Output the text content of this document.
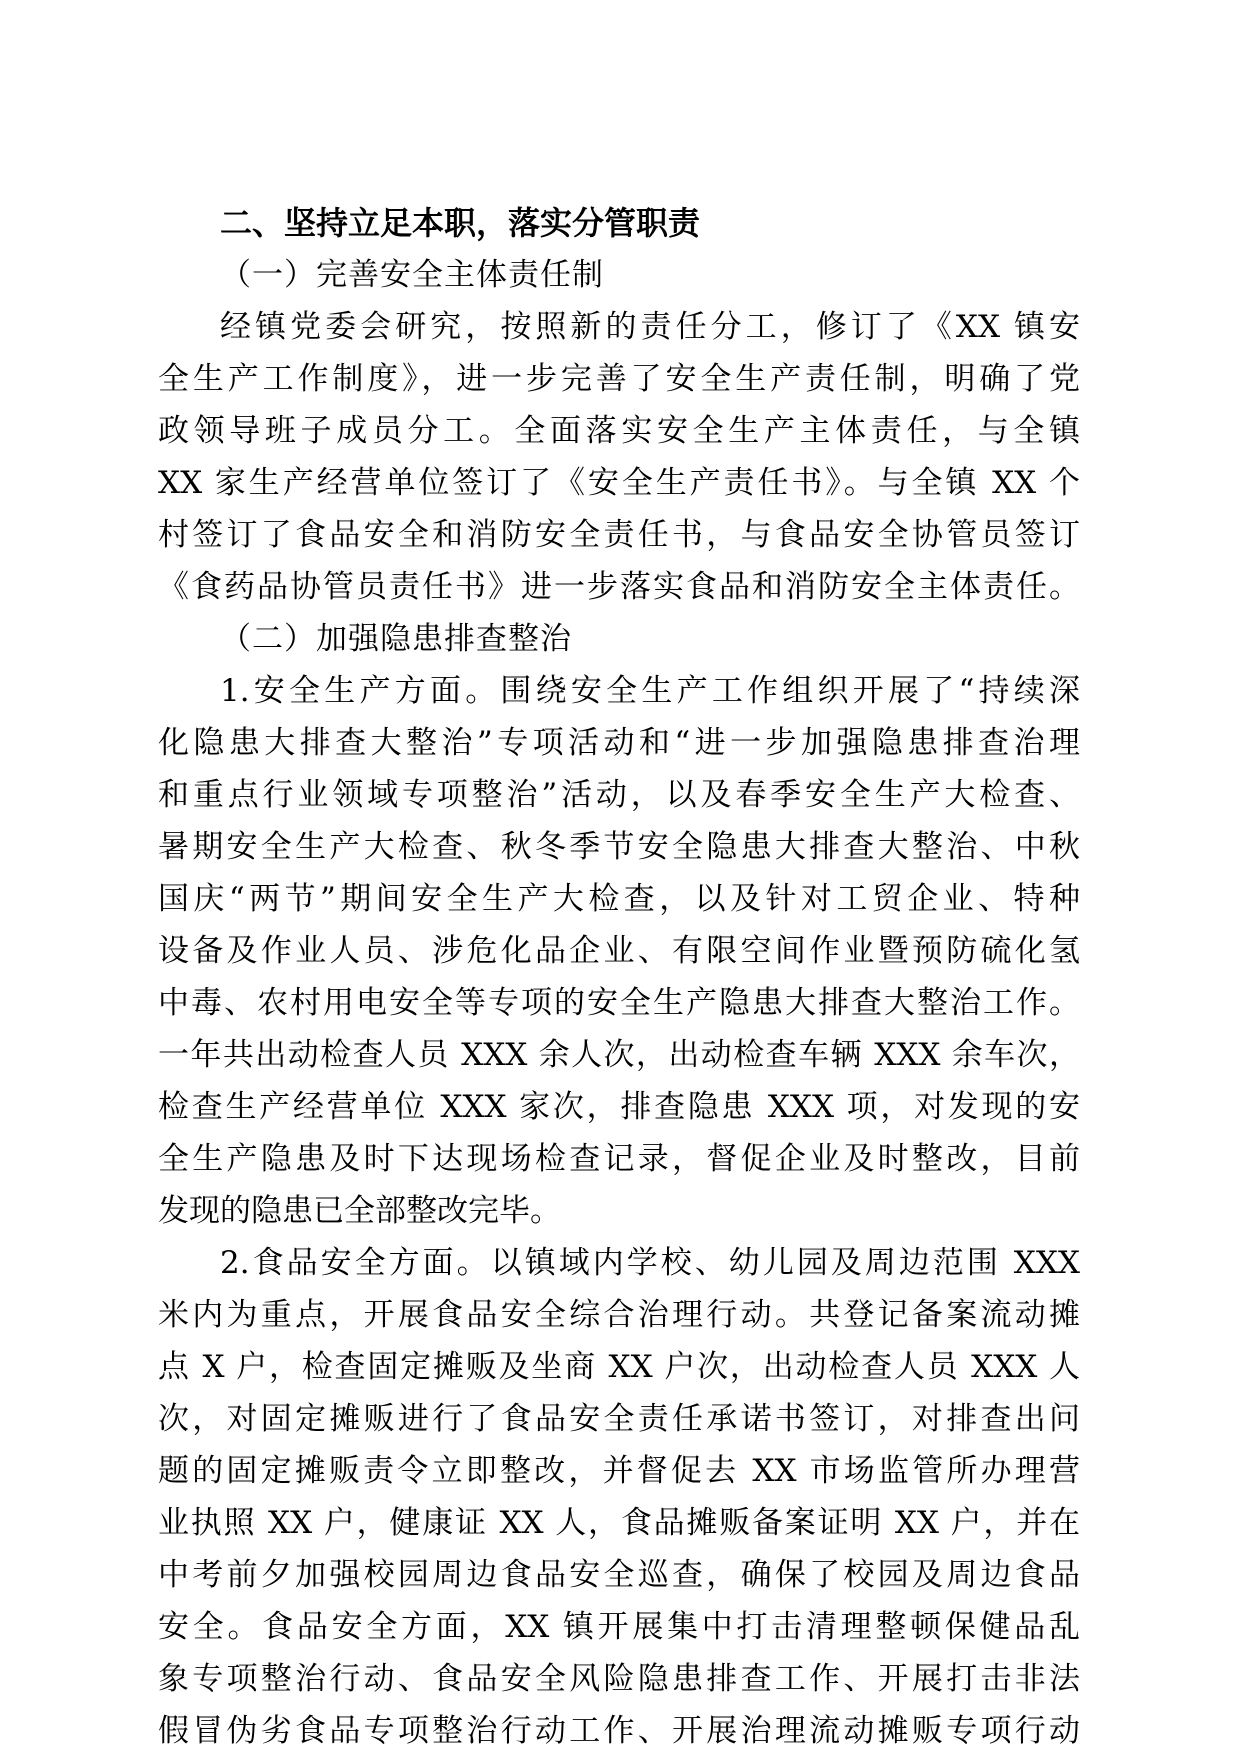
二、坚持立足本职，落实分管职责
（一）完善安全主体责任制
经镇党委会研究，按照新的责任分工，修订了《XX 镇安
全生产工作制度》，进一步完善了安全生产责任制，明确了党
政领导班子成员分工。全面落实安全生产主体责任，与全镇
XX 家生产经营单位签订了《安全生产责任书》。与全镇 XX 个
村签订了食品安全和消防安全责任书，与食品安全协管员签订
《食药品协管员责任书》进一步落实食品和消防安全主体责任。
（二）加强隐患排查整治
1.安全生产方面。围绕安全生产工作组织开展了“持续深
化隐患大排查大整治”专项活动和“进一步加强隐患排查治理
和重点行业领域专项整治”活动，以及春季安全生产大检查、
暑期安全生产大检查、秋冬季节安全隐患大排查大整治、中秋
国庆“两节”期间安全生产大检查，以及针对工贸企业、特种
设备及作业人员、涉危化品企业、有限空间作业暨预防硫化氢
中毒、农村用电安全等专项的安全生产隐患大排查大整治工作。
一年共出动检查人员 XXX 余人次，出动检查车辆 XXX 余车次，
检查生产经营单位 XXX 家次，排查隐患 XXX 项，对发现的安
全生产隐患及时下达现场检查记录，督促企业及时整改，目前
发现的隐患已全部整改完毕。
2.食品安全方面。以镇域内学校、幼儿园及周边范围 XXX
米内为重点，开展食品安全综合治理行动。共登记备案流动摊
点 X 户，检查固定摊贩及坐商 XX 户次，出动检查人员 XXX 人
次，对固定摊贩进行了食品安全责任承诺书签订，对排查出问
题的固定摊贩责令立即整改，并督促去 XX 市场监管所办理营
业执照 XX 户，健康证 XX 人，食品摊贩备案证明 XX 户，并在
中考前夕加强校园周边食品安全巡查，确保了校园及周边食品
安全。食品安全方面，XX 镇开展集中打击清理整顿保健品乱
象专项整治行动、食品安全风险隐患排查工作、开展打击非法
假冒伪劣食品专项整治行动工作、开展治理流动摊贩专项行动
